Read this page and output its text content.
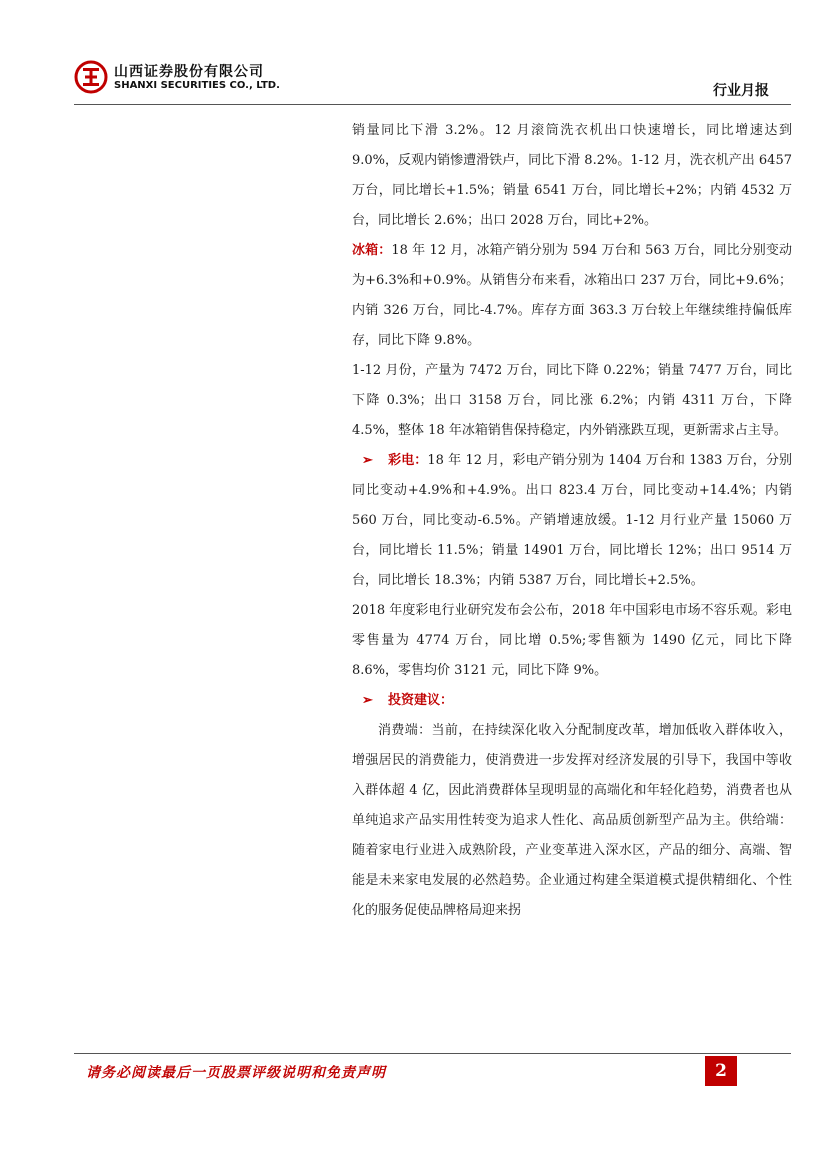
山西证券股份有限公司
SHANXI SECURITIES CO., LTD.	行业月报

销量同比下滑 3.2%。12 月滚筒洗衣机出口快速增长，同比增速达到 9.0%，反观内销惨遭滑铁卢，同比下滑 8.2%。1-12 月，洗衣机产出 6457 万台，同比增长+1.5%；销量 6541 万台，同比增长+2%；内销 4532 万台，同比增长 2.6%；出口 2028 万台，同比+2%。

冰箱：18 年 12 月，冰箱产销分别为 594 万台和 563 万台，同比分别变动为+6.3%和+0.9%。从销售分布来看，冰箱出口 237 万台，同比+9.6%；内销 326 万台，同比-4.7%。库存方面 363.3 万台较上年继续维持偏低库存，同比下降 9.8%。

1-12 月份，产量为 7472 万台，同比下降 0.22%；销量 7477 万台，同比下降 0.3%；出口 3158 万台，同比涨 6.2%；内销 4311 万台，下降 4.5%，整体 18 年冰箱销售保持稳定，内外销涨跌互现，更新需求占主导。

➢ 彩电：18 年 12 月，彩电产销分别为 1404 万台和 1383 万台，分别同比变动+4.9%和+4.9%。出口 823.4 万台，同比变动+14.4%；内销 560 万台，同比变动-6.5%。产销增速放缓。1-12 月行业产量 15060 万台，同比增长 11.5%；销量 14901 万台，同比增长 12%；出口 9514 万台，同比增长 18.3%；内销 5387 万台，同比增长+2.5%。

2018 年度彩电行业研究发布会公布，2018 年中国彩电市场不容乐观。彩电零售量为 4774 万台，同比增 0.5%;零售额为 1490 亿元，同比下降 8.6%，零售均价 3121 元，同比下降 9%。

➢ 投资建议：

消费端：当前，在持续深化收入分配制度改革，增加低收入群体收入，增强居民的消费能力，使消费进一步发挥对经济发展的引导下，我国中等收入群体超 4 亿，因此消费群体呈现明显的高端化和年轻化趋势，消费者也从单纯追求产品实用性转变为追求人性化、高品质创新型产品为主。供给端：随着家电行业进入成熟阶段，产业变革进入深水区，产品的细分、高端、智能是未来家电发展的必然趋势。企业通过构建全渠道模式提供精细化、个性化的服务促使品牌格局迎来拐

请务必阅读最后一页股票评级说明和免责声明	2
